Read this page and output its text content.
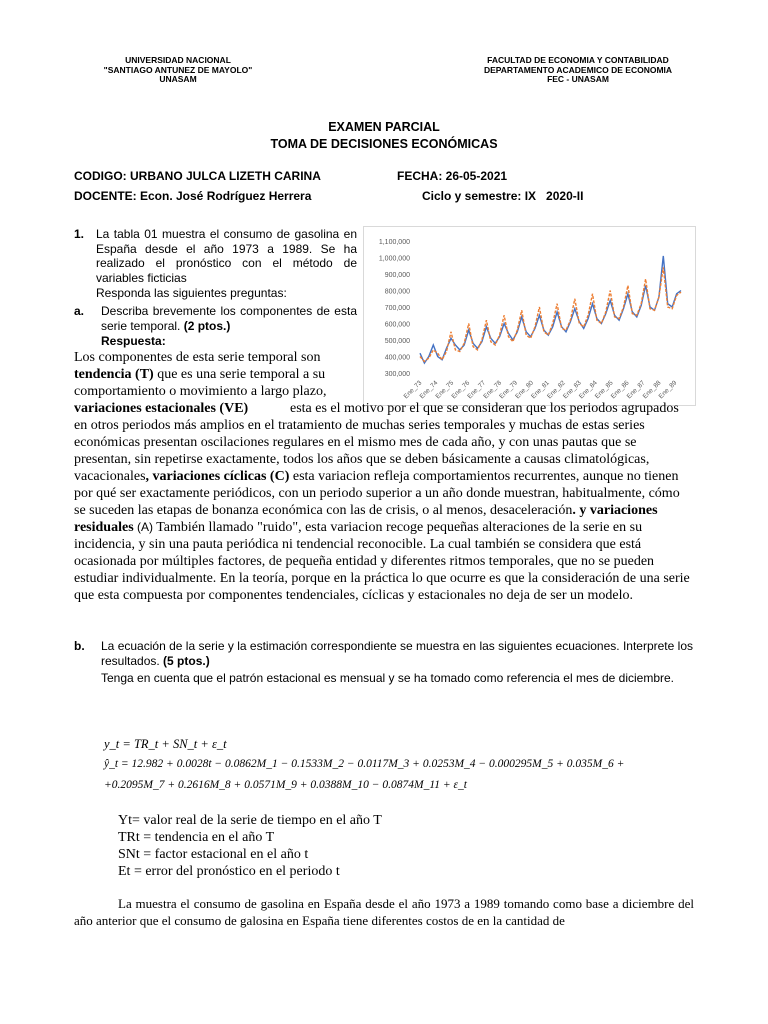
UNIVERSIDAD NACIONAL
"SANTIAGO ANTUNEZ DE MAYOLO"
UNASAM
FACULTAD DE ECONOMIA Y CONTABILIDAD
DEPARTAMENTO ACADEMICO DE ECONOMIA
FEC - UNASAM
EXAMEN PARCIAL
TOMA DE DECISIONES ECONÓMICAS
CODIGO: URBANO JULCA LIZETH CARINA	FECHA: 26-05-2021
DOCENTE: Econ. José Rodríguez Herrera	Ciclo y semestre: IX   2020-II
1. La tabla 01 muestra el consumo de gasolina en España desde el año 1973 a 1989. Se ha realizado el pronóstico con el método de variables ficticias
Responda las siguientes preguntas:
a. Describa brevemente los componentes de esta serie temporal. (2 ptos.)
Respuesta:
1,100,000
1,000,000
900,000
800,000
700,000
600,000
500,000
400,000
300,000
Ene_73
Ene_74
Ene_75
Ene_76
Ene_77
Ene_78
Ene_79
Ene_80
Ene_81
Ene_82
Ene_83
Ene_84
Ene_85
Ene_86
Ene_87
Ene_88
Ene_89
Los componentes de esta serie temporal son tendencia (T) que es una serie temporal a su comportamiento o movimiento a largo plazo, variaciones estacionales (VE)	esta es el motivo por el que se consideran que los periodos agrupados en otros periodos más amplios en el tratamiento de muchas series temporales y muchas de estas series económicas presentan oscilaciones regulares en el mismo mes de cada año, y con unas pautas que se presentan, sin repetirse exactamente, todos los años que se deben básicamente a causas climatológicas, vacacionales, variaciones cíclicas (C) esta variacion refleja comportamientos recurrentes, aunque no tienen por qué ser exactamente periódicos, con un periodo superior a un año donde muestran, habitualmente, cómo se suceden las etapas de bonanza económica con las de crisis, o al menos, desaceleración. y variaciones residuales (A) También llamado "ruido", esta variacion recoge pequeñas alteraciones de la serie en su incidencia, y sin una pauta periódica ni tendencial reconocible. La cual también se considera que está ocasionada por múltiples factores, de pequeña entidad y diferentes ritmos temporales, que no se pueden estudiar individualmente. En la teoría, porque en la práctica lo que ocurre es que la consideración de una serie que esta compuesta por componentes tendenciales, cíclicas y estacionales no deja de ser un modelo.
b. La ecuación de la serie y la estimación correspondiente se muestra en las siguientes ecuaciones. Interprete los resultados. (5 ptos.)
Tenga en cuenta que el patrón estacional es mensual y se ha tomado como referencia el mes de diciembre.
y_t = TR_t + SN_t + ε_t
ŷ_t = 12.982 + 0.0028t − 0.0862M_1 − 0.1533M_2 − 0.0117M_3 + 0.0253M_4 − 0.000295M_5 + 0.035M_6 +
+0.2095M_7 + 0.2616M_8 + 0.0571M_9 + 0.0388M_10 − 0.0874M_11 + ε_t
Yt= valor real de la serie de tiempo en el año T
TRt = tendencia en el año T
SNt = factor estacional en el año t
Et = error del pronóstico en el periodo t
La muestra el consumo de gasolina en España desde el año 1973 a 1989 tomando como base a diciembre del año anterior que el consumo de galosina en España tiene diferentes costos de en la cantidad de
